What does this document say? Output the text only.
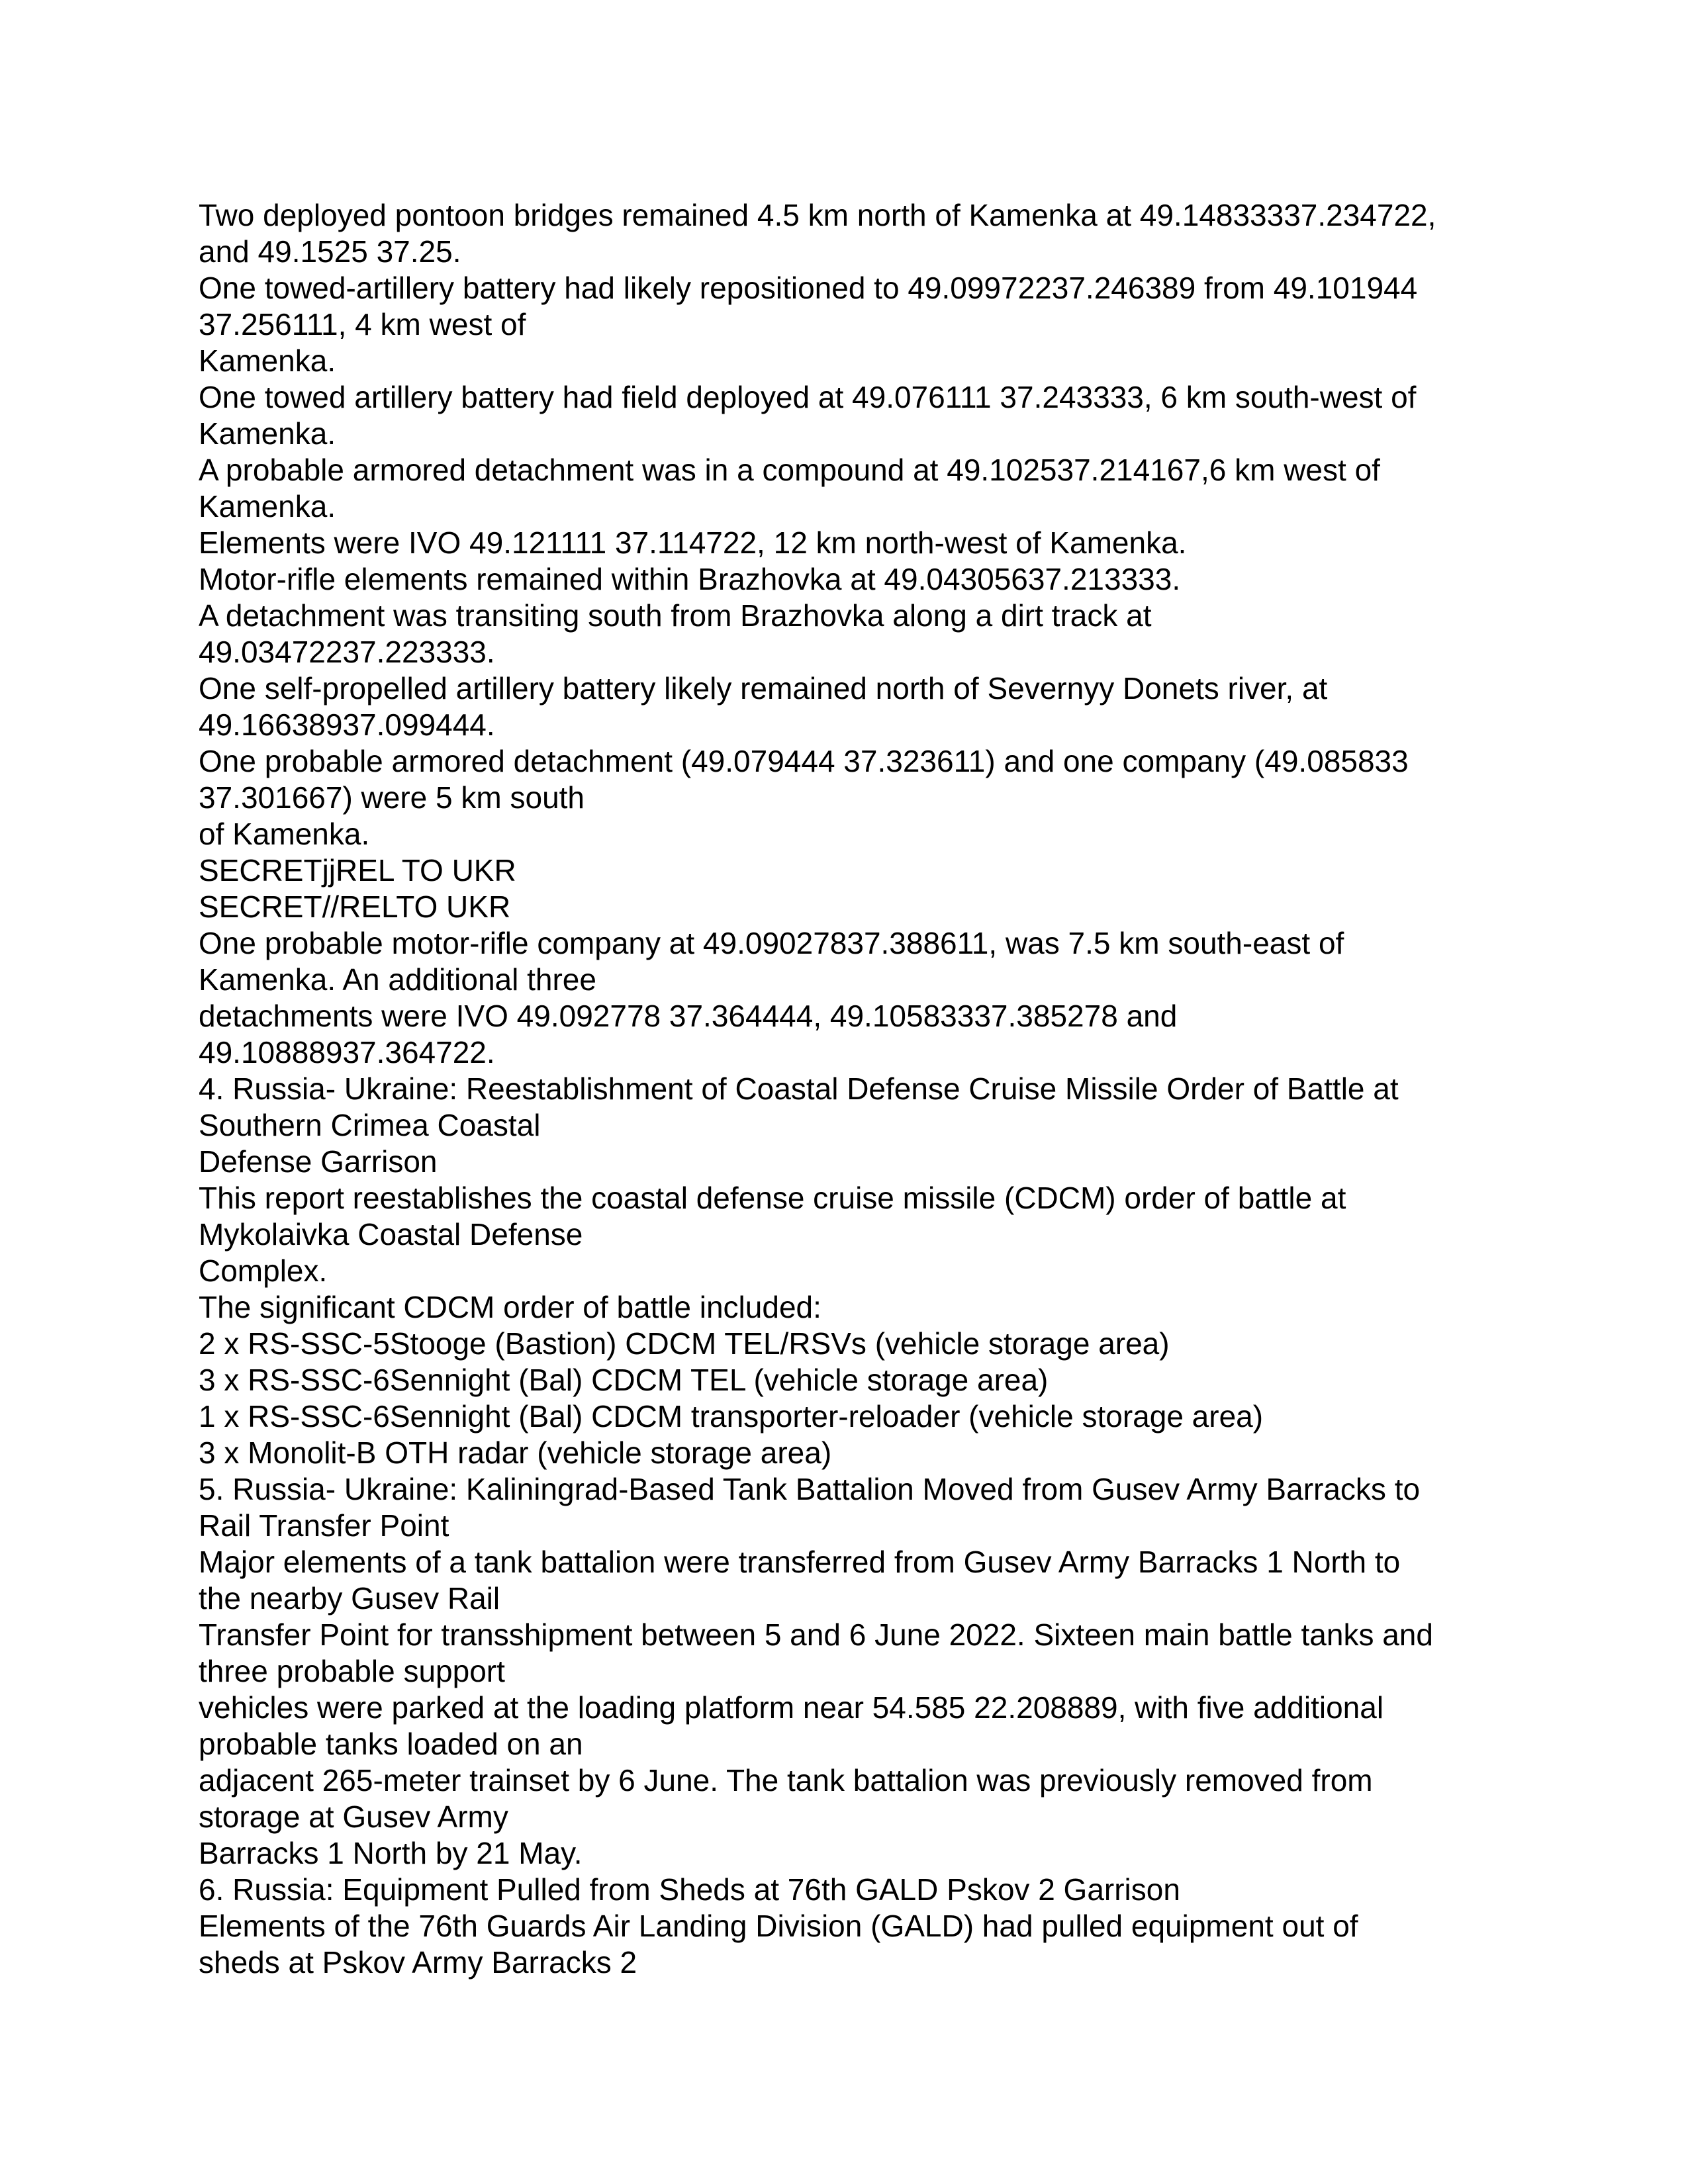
Two deployed pontoon bridges remained 4.5 km north of Kamenka at 49.14833337.234722,
and 49.1525 37.25.
One towed-artillery battery had likely repositioned to 49.09972237.246389 from 49.101944
37.256111, 4 km west of
Kamenka.
One towed artillery battery had field deployed at 49.076111 37.243333, 6 km south-west of
Kamenka.
A probable armored detachment was in a compound at 49.102537.214167,6 km west of
Kamenka.
Elements were IVO 49.121111 37.114722, 12 km north-west of Kamenka.
Motor-rifle elements remained within Brazhovka at 49.04305637.213333.
A detachment was transiting south from Brazhovka along a dirt track at
49.03472237.223333.
One self-propelled artillery battery likely remained north of Severnyy Donets river, at
49.16638937.099444.
One probable armored detachment (49.079444 37.323611) and one company (49.085833
37.301667) were 5 km south
of Kamenka.
SECRETjjREL TO UKR
SECRET//RELTO UKR
One probable motor-rifle company at 49.09027837.388611, was 7.5 km south-east of
Kamenka. An additional three
detachments were IVO 49.092778 37.364444, 49.10583337.385278 and
49.10888937.364722.
4. Russia- Ukraine: Reestablishment of Coastal Defense Cruise Missile Order of Battle at
Southern Crimea Coastal
Defense Garrison
This report reestablishes the coastal defense cruise missile (CDCM) order of battle at
Mykolaivka Coastal Defense
Complex.
The significant CDCM order of battle included:
2 x RS-SSC-5Stooge (Bastion) CDCM TEL/RSVs (vehicle storage area)
3 x RS-SSC-6Sennight (Bal) CDCM TEL (vehicle storage area)
1 x RS-SSC-6Sennight (Bal) CDCM transporter-reloader (vehicle storage area)
3 x Monolit-B OTH radar (vehicle storage area)
5. Russia- Ukraine: Kaliningrad-Based Tank Battalion Moved from Gusev Army Barracks to
Rail Transfer Point
Major elements of a tank battalion were transferred from Gusev Army Barracks 1 North to
the nearby Gusev Rail
Transfer Point for transshipment between 5 and 6 June 2022. Sixteen main battle tanks and
three probable support
vehicles were parked at the loading platform near 54.585 22.208889, with five additional
probable tanks loaded on an
adjacent 265-meter trainset by 6 June. The tank battalion was previously removed from
storage at Gusev Army
Barracks 1 North by 21 May.
6. Russia: Equipment Pulled from Sheds at 76th GALD Pskov 2 Garrison
Elements of the 76th Guards Air Landing Division (GALD) had pulled equipment out of
sheds at Pskov Army Barracks 2
